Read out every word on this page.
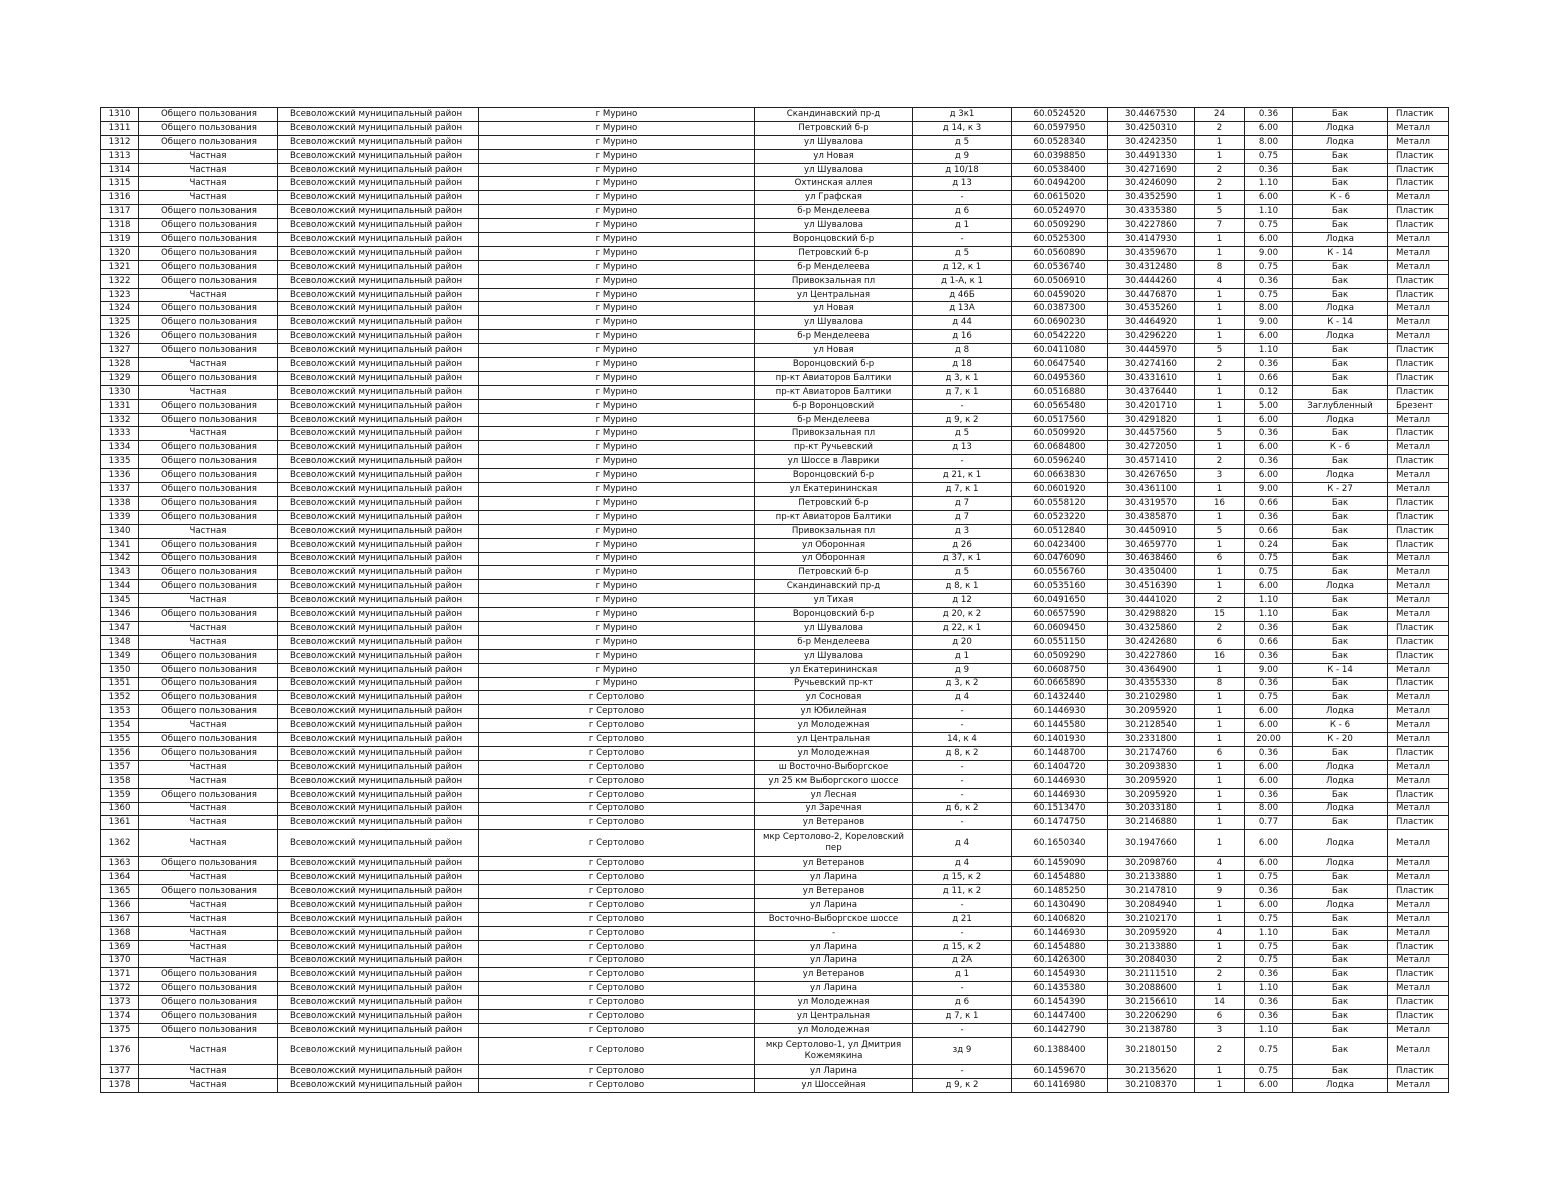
1310	Общего пользования	Всеволожский муниципальный район	г Мурино	Скандинавский пр-д	д 3к1	60.0524520	30.4467530	24	0.36	Бак	Пластик
1311	Общего пользования	Всеволожский муниципальный район	г Мурино	Петровский б-р	д 14, к 3	60.0597950	30.4250310	2	6.00	Лодка	Металл
1312	Общего пользования	Всеволожский муниципальный район	г Мурино	ул Шувалова	д 5	60.0528340	30.4242350	1	8.00	Лодка	Металл
1313	Частная	Всеволожский муниципальный район	г Мурино	ул Новая	д 9	60.0398850	30.4491330	1	0.75	Бак	Пластик
1314	Частная	Всеволожский муниципальный район	г Мурино	ул Шувалова	д 10/18	60.0538400	30.4271690	2	0.36	Бак	Пластик
1315	Частная	Всеволожский муниципальный район	г Мурино	Охтинская аллея	д 13	60.0494200	30.4246090	2	1.10	Бак	Пластик
1316	Частная	Всеволожский муниципальный район	г Мурино	ул Графская	-	60.0615020	30.4352590	1	6.00	К - 6	Металл
1317	Общего пользования	Всеволожский муниципальный район	г Мурино	б-р Менделеева	д 6	60.0524970	30.4335380	5	1.10	Бак	Пластик
1318	Общего пользования	Всеволожский муниципальный район	г Мурино	ул Шувалова	д 1	60.0509290	30.4227860	7	0.75	Бак	Пластик
1319	Общего пользования	Всеволожский муниципальный район	г Мурино	Воронцовский б-р	-	60.0525300	30.4147930	1	6.00	Лодка	Металл
1320	Общего пользования	Всеволожский муниципальный район	г Мурино	Петровский б-р	д 5	60.0560890	30.4359670	1	9.00	К - 14	Металл
1321	Общего пользования	Всеволожский муниципальный район	г Мурино	б-р Менделеева	д 12, к 1	60.0536740	30.4312480	8	0.75	Бак	Металл
1322	Общего пользования	Всеволожский муниципальный район	г Мурино	Привокзальная пл	д 1-А, к 1	60.0506910	30.4444260	4	0.36	Бак	Пластик
1323	Частная	Всеволожский муниципальный район	г Мурино	ул Центральная	д 46Б	60.0459020	30.4476870	1	0.75	Бак	Пластик
1324	Общего пользования	Всеволожский муниципальный район	г Мурино	ул Новая	д 13А	60.0387300	30.4535260	1	8.00	Лодка	Металл
1325	Общего пользования	Всеволожский муниципальный район	г Мурино	ул Шувалова	д 44	60.0690230	30.4464920	1	9.00	К - 14	Металл
1326	Общего пользования	Всеволожский муниципальный район	г Мурино	б-р Менделеева	д 16	60.0542220	30.4296220	1	6.00	Лодка	Металл
1327	Общего пользования	Всеволожский муниципальный район	г Мурино	ул Новая	д 8	60.0411080	30.4445970	5	1.10	Бак	Пластик
1328	Частная	Всеволожский муниципальный район	г Мурино	Воронцовский б-р	д 18	60.0647540	30.4274160	2	0.36	Бак	Пластик
1329	Общего пользования	Всеволожский муниципальный район	г Мурино	пр-кт Авиаторов Балтики	д 3, к 1	60.0495360	30.4331610	1	0.66	Бак	Пластик
1330	Частная	Всеволожский муниципальный район	г Мурино	пр-кт Авиаторов Балтики	д 7, к 1	60.0516880	30.4376440	1	0.12	Бак	Пластик
1331	Общего пользования	Всеволожский муниципальный район	г Мурино	б-р Воронцовский	-	60.0565480	30.4201710	1	5.00	Заглубленный	Брезент
1332	Общего пользования	Всеволожский муниципальный район	г Мурино	б-р Менделеева	д 9, к 2	60.0517560	30.4291820	1	6.00	Лодка	Металл
1333	Частная	Всеволожский муниципальный район	г Мурино	Привокзальная пл	д 5	60.0509920	30.4457560	5	0.36	Бак	Пластик
1334	Общего пользования	Всеволожский муниципальный район	г Мурино	пр-кт Ручьевский	д 13	60.0684800	30.4272050	1	6.00	К - 6	Металл
1335	Общего пользования	Всеволожский муниципальный район	г Мурино	ул Шоссе в Лаврики	-	60.0596240	30.4571410	2	0.36	Бак	Пластик
1336	Общего пользования	Всеволожский муниципальный район	г Мурино	Воронцовский б-р	д 21, к 1	60.0663830	30.4267650	3	6.00	Лодка	Металл
1337	Общего пользования	Всеволожский муниципальный район	г Мурино	ул Екатерининская	д 7, к 1	60.0601920	30.4361100	1	9.00	К - 27	Металл
1338	Общего пользования	Всеволожский муниципальный район	г Мурино	Петровский б-р	д 7	60.0558120	30.4319570	16	0.66	Бак	Пластик
1339	Общего пользования	Всеволожский муниципальный район	г Мурино	пр-кт Авиаторов Балтики	д 7	60.0523220	30.4385870	1	0.36	Бак	Пластик
1340	Частная	Всеволожский муниципальный район	г Мурино	Привокзальная пл	д 3	60.0512840	30.4450910	5	0.66	Бак	Пластик
1341	Общего пользования	Всеволожский муниципальный район	г Мурино	ул Оборонная	д 26	60.0423400	30.4659770	1	0.24	Бак	Пластик
1342	Общего пользования	Всеволожский муниципальный район	г Мурино	ул Оборонная	д 37, к 1	60.0476090	30.4638460	6	0.75	Бак	Металл
1343	Общего пользования	Всеволожский муниципальный район	г Мурино	Петровский б-р	д 5	60.0556760	30.4350400	1	0.75	Бак	Металл
1344	Общего пользования	Всеволожский муниципальный район	г Мурино	Скандинавский пр-д	д 8, к 1	60.0535160	30.4516390	1	6.00	Лодка	Металл
1345	Частная	Всеволожский муниципальный район	г Мурино	ул Тихая	д 12	60.0491650	30.4441020	2	1.10	Бак	Металл
1346	Общего пользования	Всеволожский муниципальный район	г Мурино	Воронцовский б-р	д 20, к 2	60.0657590	30.4298820	15	1.10	Бак	Металл
1347	Частная	Всеволожский муниципальный район	г Мурино	ул Шувалова	д 22, к 1	60.0609450	30.4325860	2	0.36	Бак	Пластик
1348	Частная	Всеволожский муниципальный район	г Мурино	б-р Менделеева	д 20	60.0551150	30.4242680	6	0.66	Бак	Пластик
1349	Общего пользования	Всеволожский муниципальный район	г Мурино	ул Шувалова	д 1	60.0509290	30.4227860	16	0.36	Бак	Пластик
1350	Общего пользования	Всеволожский муниципальный район	г Мурино	ул Екатерининская	д 9	60.0608750	30.4364900	1	9.00	К - 14	Металл
1351	Общего пользования	Всеволожский муниципальный район	г Мурино	Ручьевский пр-кт	д 3, к 2	60.0665890	30.4355330	8	0.36	Бак	Пластик
1352	Общего пользования	Всеволожский муниципальный район	г Сертолово	ул Сосновая	д 4	60.1432440	30.2102980	1	0.75	Бак	Металл
1353	Общего пользования	Всеволожский муниципальный район	г Сертолово	ул Юбилейная	-	60.1446930	30.2095920	1	6.00	Лодка	Металл
1354	Частная	Всеволожский муниципальный район	г Сертолово	ул Молодежная	-	60.1445580	30.2128540	1	6.00	К - 6	Металл
1355	Общего пользования	Всеволожский муниципальный район	г Сертолово	ул Центральная	14, к 4	60.1401930	30.2331800	1	20.00	К - 20	Металл
1356	Общего пользования	Всеволожский муниципальный район	г Сертолово	ул Молодежная	д 8, к 2	60.1448700	30.2174760	6	0.36	Бак	Пластик
1357	Частная	Всеволожский муниципальный район	г Сертолово	ш Восточно-Выборгское	-	60.1404720	30.2093830	1	6.00	Лодка	Металл
1358	Частная	Всеволожский муниципальный район	г Сертолово	ул 25 км Выборгского шоссе	-	60.1446930	30.2095920	1	6.00	Лодка	Металл
1359	Общего пользования	Всеволожский муниципальный район	г Сертолово	ул Лесная	-	60.1446930	30.2095920	1	0.36	Бак	Пластик
1360	Частная	Всеволожский муниципальный район	г Сертолово	ул Заречная	д 6, к 2	60.1513470	30.2033180	1	8.00	Лодка	Металл
1361	Частная	Всеволожский муниципальный район	г Сертолово	ул Ветеранов	-	60.1474750	30.2146880	1	0.77	Бак	Пластик
1362	Частная	Всеволожский муниципальный район	г Сертолово	мкр Сертолово-2, Кореловский пер	д 4	60.1650340	30.1947660	1	6.00	Лодка	Металл
1363	Общего пользования	Всеволожский муниципальный район	г Сертолово	ул Ветеранов	д 4	60.1459090	30.2098760	4	6.00	Лодка	Металл
1364	Частная	Всеволожский муниципальный район	г Сертолово	ул Ларина	д 15, к 2	60.1454880	30.2133880	1	0.75	Бак	Металл
1365	Общего пользования	Всеволожский муниципальный район	г Сертолово	ул Ветеранов	д 11, к 2	60.1485250	30.2147810	9	0.36	Бак	Пластик
1366	Частная	Всеволожский муниципальный район	г Сертолово	ул Ларина	-	60.1430490	30.2084940	1	6.00	Лодка	Металл
1367	Частная	Всеволожский муниципальный район	г Сертолово	Восточно-Выборгское шоссе	д 21	60.1406820	30.2102170	1	0.75	Бак	Металл
1368	Частная	Всеволожский муниципальный район	г Сертолово	-	-	60.1446930	30.2095920	4	1.10	Бак	Металл
1369	Частная	Всеволожский муниципальный район	г Сертолово	ул Ларина	д 15, к 2	60.1454880	30.2133880	1	0.75	Бак	Пластик
1370	Частная	Всеволожский муниципальный район	г Сертолово	ул Ларина	д 2А	60.1426300	30.2084030	2	0.75	Бак	Металл
1371	Общего пользования	Всеволожский муниципальный район	г Сертолово	ул Ветеранов	д 1	60.1454930	30.2111510	2	0.36	Бак	Пластик
1372	Общего пользования	Всеволожский муниципальный район	г Сертолово	ул Ларина	-	60.1435380	30.2088600	1	1.10	Бак	Металл
1373	Общего пользования	Всеволожский муниципальный район	г Сертолово	ул Молодежная	д 6	60.1454390	30.2156610	14	0.36	Бак	Пластик
1374	Общего пользования	Всеволожский муниципальный район	г Сертолово	ул Центральная	д 7, к 1	60.1447400	30.2206290	6	0.36	Бак	Пластик
1375	Общего пользования	Всеволожский муниципальный район	г Сертолово	ул Молодежная	-	60.1442790	30.2138780	3	1.10	Бак	Металл
1376	Частная	Всеволожский муниципальный район	г Сертолово	мкр Сертолово-1, ул Дмитрия Кожемякина	зд 9	60.1388400	30.2180150	2	0.75	Бак	Металл
1377	Частная	Всеволожский муниципальный район	г Сертолово	ул Ларина	-	60.1459670	30.2135620	1	0.75	Бак	Пластик
1378	Частная	Всеволожский муниципальный район	г Сертолово	ул Шоссейная	д 9, к 2	60.1416980	30.2108370	1	6.00	Лодка	Металл
